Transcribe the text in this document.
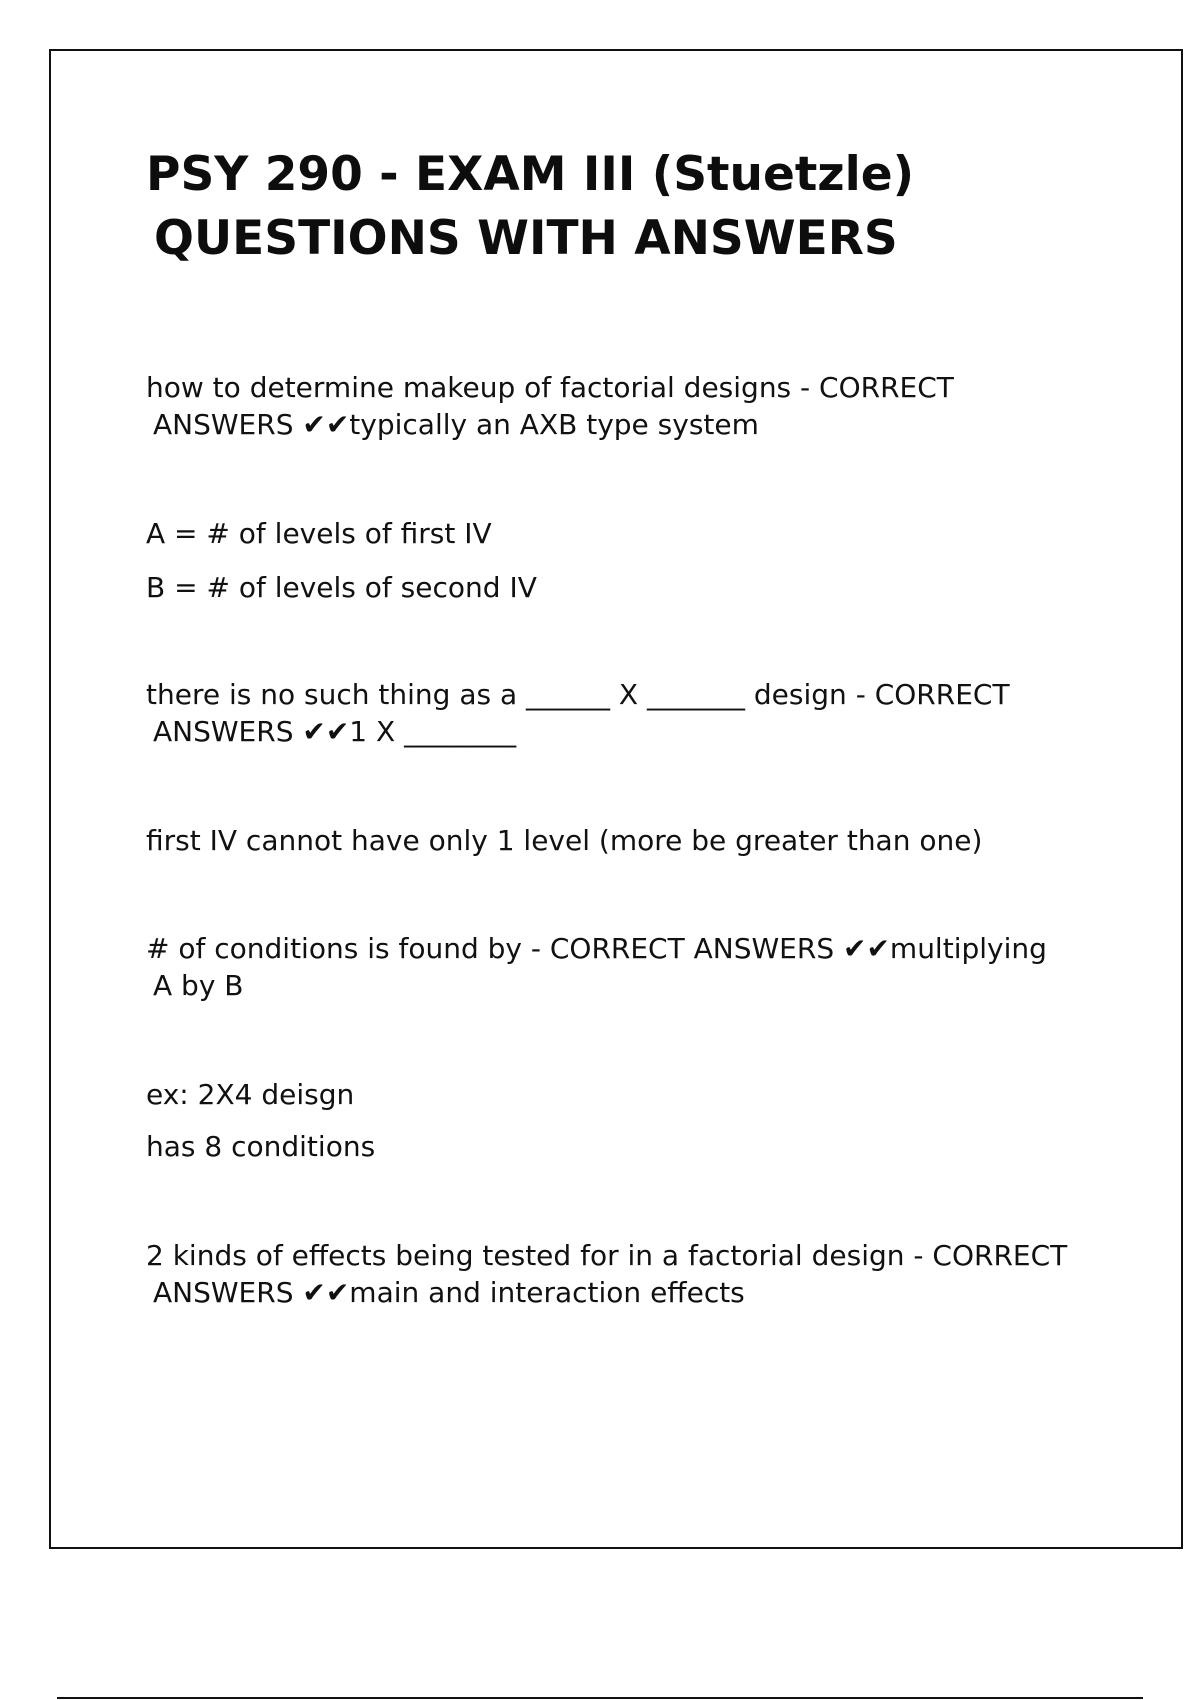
PSY 290 - EXAM III (Stuetzle)
QUESTIONS WITH ANSWERS

how to determine makeup of factorial designs - CORRECT
ANSWERS ✔✔typically an AXB type system

A = # of levels of first IV

B = # of levels of second IV

there is no such thing as a ______ X _______ design - CORRECT
ANSWERS ✔✔1 X ________

first IV cannot have only 1 level (more be greater than one)

# of conditions is found by - CORRECT ANSWERS ✔✔multiplying
A by B

ex: 2X4 deisgn

has 8 conditions

2 kinds of effects being tested for in a factorial design - CORRECT
ANSWERS ✔✔main and interaction effects
